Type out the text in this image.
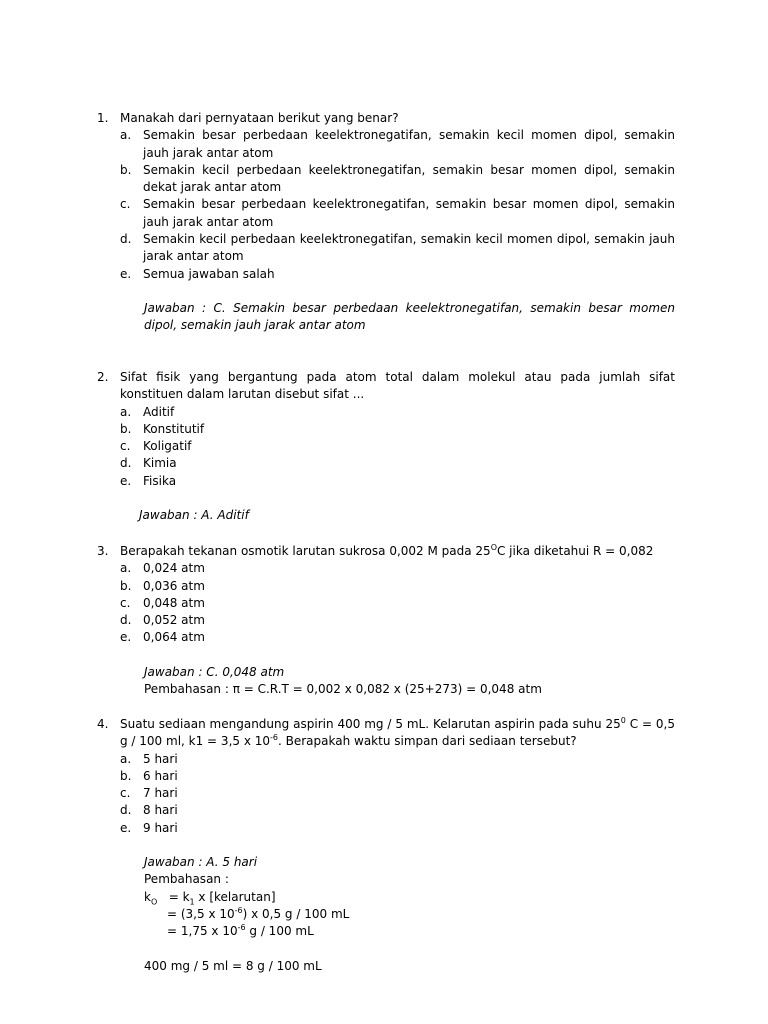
1. Manakah dari pernyataan berikut yang benar?
a. Semakin besar perbedaan keelektronegatifan, semakin kecil momen dipol, semakin jauh jarak antar atom
b. Semakin kecil perbedaan keelektronegatifan, semakin besar momen dipol, semakin dekat jarak antar atom
c.	Semakin besar perbedaan keelektronegatifan, semakin besar momen dipol, semakin jauh jarak antar atom
d. Semakin kecil perbedaan keelektronegatifan, semakin kecil momen dipol, semakin jauh jarak antar atom
e. Semua jawaban salah
Jawaban : C. Semakin besar perbedaan keelektronegatifan, semakin besar momen dipol, semakin jauh jarak antar atom
2. Sifat fisik yang bergantung pada atom total dalam molekul atau pada jumlah sifat konstituen dalam larutan disebut sifat ...
a. Aditif
b. Konstitutif
c.	Koligatif
d. Kimia
e. Fisika
Jawaban : A. Aditif
3. Berapakah tekanan osmotik larutan sukrosa 0,002 M pada $25^OC$ jika diketahui R = 0,082
a. 0,024 atm
b. 0,036 atm
c.	0,048 atm
d. 0,052 atm
e. 0,064 atm
Jawaban : C. 0,048 atm
Pembahasan : π = C.R.T = 0,002 x 0,082 x (25+273) = 0,048 atm
4. Suatu sediaan mengandung aspirin 400 mg / 5 mL. Kelarutan aspirin pada suhu $25^0$ C = 0,5 g / 100 ml, k1 = 3,5 x $10^{-6}$. Berapakah waktu simpan dari sediaan tersebut?
a. 5 hari
b. 6 hari
c.	7 hari
d. 8 hari
e. 9 hari
Jawaban : A. 5 hari
Pembahasan :
$k_O = k_1$ x [kelarutan]
= (3,5 x $10^{-6}$) x 0,5 g / 100 mL
= 1,75 x $10^{-6}$ g / 100 mL
400 mg / 5 ml = 8 g / 100 mL
